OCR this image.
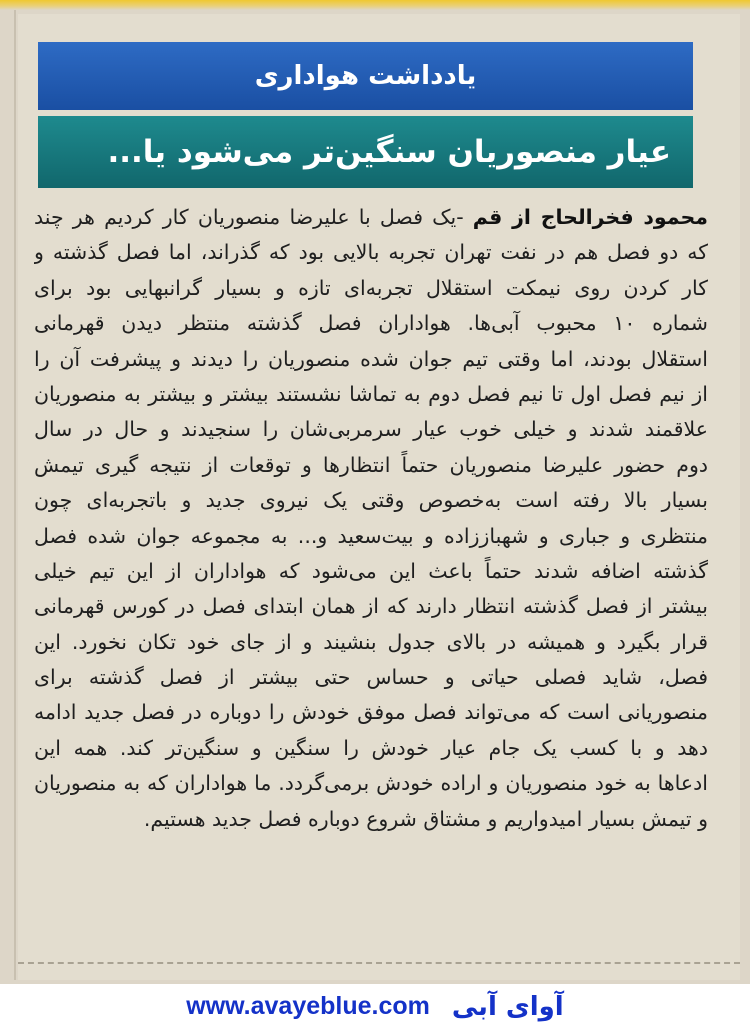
یادداشت هواداری
عیار منصوریان سنگین‌تر می‌شود یا...
محمود فخرالحاج از قم -یک فصل با علیرضا منصوریان کار کردیم هر چند
که دو فصل هم در نفت تهران تجربه بالایی بود که گذراند، اما فصل گذشته و
کار کردن روی نیمکت استقلال تجربه‌ای تازه و بسیار گرانبهایی بود برای
شماره ۱۰ محبوب آبی‌ها. هواداران فصل گذشته منتظر دیدن قهرمانی
استقلال بودند، اما وقتی تیم جوان شده منصوریان را دیدند و پیشرفت آن را
از نیم فصل اول تا نیم فصل دوم به تماشا نشستند بیشتر و بیشتر به منصوریان
علاقمند شدند و خیلی خوب عیار سرمربی‌شان را سنجیدند و حال در سال
دوم حضور علیرضا منصوریان حتماً انتظارها و توقعات از نتیجه گیری تیمش
بسیار بالا رفته است به‌خصوص وقتی یک نیروی جدید و باتجربه‌ای چون
منتظری و جباری و شهباززاده و بیت‌سعید و... به مجموعه جوان شده فصل
گذشته اضافه شدند حتماً باعث این می‌شود که هواداران از این تیم خیلی
بیشتر از فصل گذشته انتظار دارند که از همان ابتدای فصل در کورس قهرمانی
قرار بگیرد و همیشه در بالای جدول بنشیند و از جای خود تکان نخورد. این
فصل، شاید فصلی حیاتی و حساس حتی بیشتر از فصل گذشته برای
منصوریانی است که می‌تواند فصل موفق خودش را دوباره در فصل جدید ادامه
دهد و با کسب یک جام عیار خودش را سنگین و سنگین‌تر کند. همه این
ادعاها به خود منصوریان و اراده خودش برمی‌گردد. ما هواداران که به منصوریان
و تیمش بسیار امیدواریم و مشتاق شروع دوباره فصل جدید هستیم.
www.avayeblue.com آوای آبی
